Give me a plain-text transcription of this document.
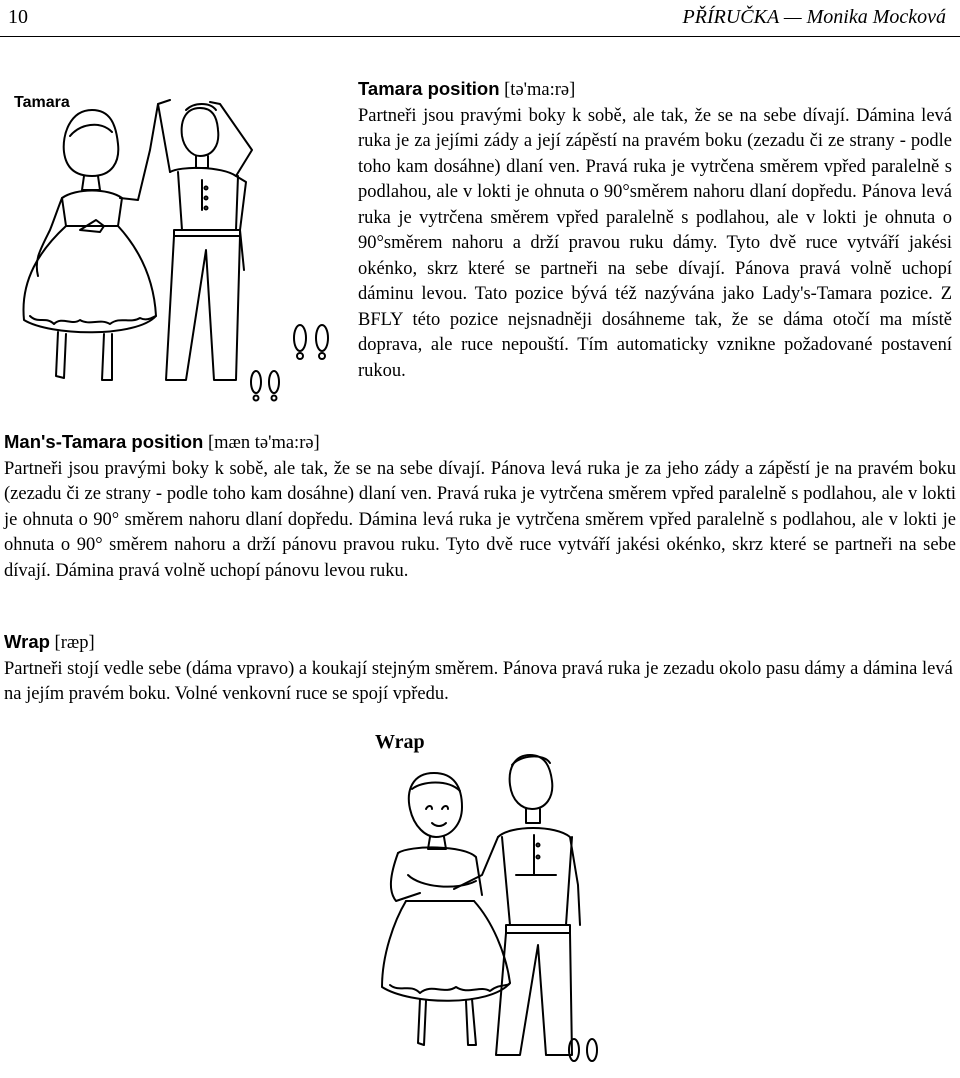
10	PŘÍRUČKA — Monika Mocková
Tamara
Tamara position [tə'ma:rə]

Partneři jsou pravými boky k sobě, ale tak, že se na sebe dívají. Dámina levá ruka je za jejími zády a její zápěstí na pravém boku (zezadu či ze strany - podle toho kam dosáhne) dlaní ven. Pravá ruka je vytrčena směrem vpřed paralelně s podlahou, ale v lokti je ohnuta o 90°směrem nahoru dlaní dopředu. Pánova levá ruka je vytrčena směrem vpřed paralelně s podlahou, ale v lokti je ohnuta o 90°směrem nahoru a drží pravou ruku dámy. Tyto dvě ruce vytváří jakési okénko, skrz které se partneři na sebe dívají. Pánova pravá volně uchopí dáminu levou. Tato pozice bývá též nazývána jako Lady's-Tamara pozice. Z BFLY této pozice nejsnadněji dosáhneme tak, že se dáma otočí ma místě doprava, ale ruce nepouští. Tím automaticky vznikne požadované postavení rukou.

Man's-Tamara position [mæn tə'ma:rə]

Partneři jsou pravými boky k sobě, ale tak, že se na sebe dívají. Pánova levá ruka je za jeho zády a zápěstí je na pravém boku (zezadu či ze strany - podle toho kam dosáhne) dlaní ven. Pravá ruka je vytrčena směrem vpřed paralelně s podlahou, ale v lokti je ohnuta o 90° směrem nahoru dlaní dopředu. Dámina levá ruka je vytrčena směrem vpřed paralelně s podlahou, ale v lokti je ohnuta o 90° směrem nahoru a drží pánovu pravou ruku. Tyto dvě ruce vytváří jakési okénko, skrz které se partneři na sebe dívají. Dámina pravá volně uchopí pánovu levou ruku.

Wrap [ræp]

Partneři stojí vedle sebe (dáma vpravo) a koukají stejným směrem. Pánova pravá ruka je zezadu okolo pasu dámy a dámina levá na jejím pravém boku. Volné venkovní ruce se spojí vpředu.

Wrap
